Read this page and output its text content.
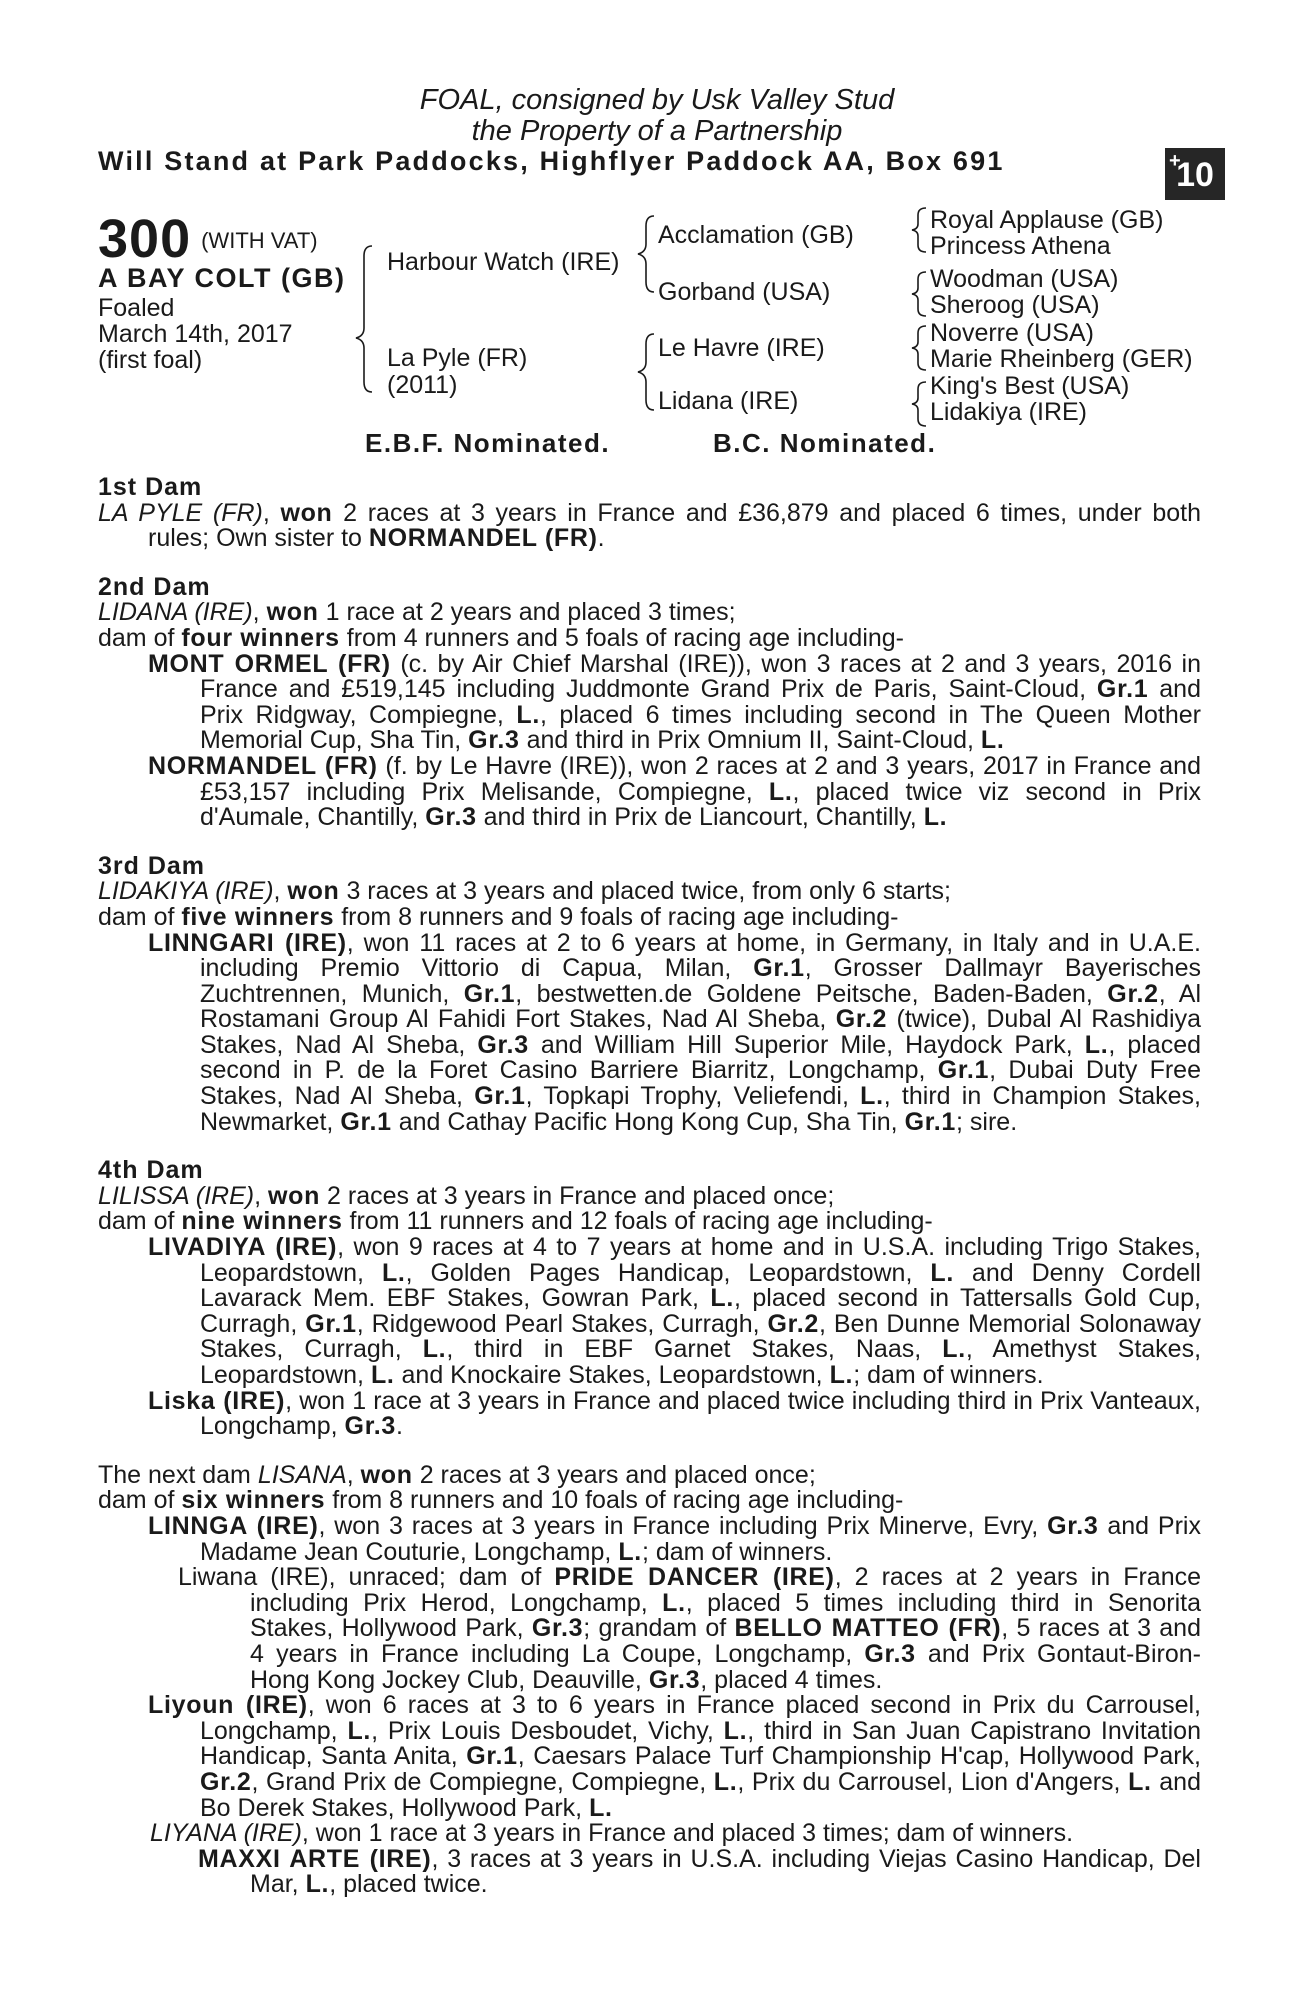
FOAL, consigned by Usk Valley Stud
the Property of a Partnership
Will Stand at Park Paddocks, Highflyer Paddock AA, Box 691	+
10
300 (WITH VAT)
A BAY COLT (GB)
Foaled
March 14th, 2017
(first foal)
Harbour Watch (IRE)
La Pyle (FR)
(2011)
Acclamation (GB)
Gorband (USA)
Le Havre (IRE)
Lidana (IRE)
Royal Applause (GB)
Princess Athena
Woodman (USA)
Sheroog (USA)
Noverre (USA)
Marie Rheinberg (GER)
King's Best (USA)
Lidakiya (IRE)
E.B.F. Nominated.	B.C. Nominated.
1st Dam
LA PYLE (FR), won 2 races at 3 years in France and £36,879 and placed 6 times, under both rules; Own sister to NORMANDEL (FR).
2nd Dam
LIDANA (IRE), won 1 race at 2 years and placed 3 times;
dam of four winners from 4 runners and 5 foals of racing age including-
MONT ORMEL (FR) (c. by Air Chief Marshal (IRE)), won 3 races at 2 and 3 years, 2016 in France and £519,145 including Juddmonte Grand Prix de Paris, Saint-Cloud, Gr.1 and Prix Ridgway, Compiegne, L., placed 6 times including second in The Queen Mother Memorial Cup, Sha Tin, Gr.3 and third in Prix Omnium II, Saint-Cloud, L.
NORMANDEL (FR) (f. by Le Havre (IRE)), won 2 races at 2 and 3 years, 2017 in France and £53,157 including Prix Melisande, Compiegne, L., placed twice viz second in Prix d'Aumale, Chantilly, Gr.3 and third in Prix de Liancourt, Chantilly, L.
3rd Dam
LIDAKIYA (IRE), won 3 races at 3 years and placed twice, from only 6 starts;
dam of five winners from 8 runners and 9 foals of racing age including-
LINNGARI (IRE), won 11 races at 2 to 6 years at home, in Germany, in Italy and in U.A.E. including Premio Vittorio di Capua, Milan, Gr.1, Grosser Dallmayr Bayerisches Zuchtrennen, Munich, Gr.1, bestwetten.de Goldene Peitsche, Baden-Baden, Gr.2, Al Rostamani Group Al Fahidi Fort Stakes, Nad Al Sheba, Gr.2 (twice), Dubal Al Rashidiya Stakes, Nad Al Sheba, Gr.3 and William Hill Superior Mile, Haydock Park, L., placed second in P. de la Foret Casino Barriere Biarritz, Longchamp, Gr.1, Dubai Duty Free Stakes, Nad Al Sheba, Gr.1, Topkapi Trophy, Veliefendi, L., third in Champion Stakes, Newmarket, Gr.1 and Cathay Pacific Hong Kong Cup, Sha Tin, Gr.1; sire.
4th Dam
LILISSA (IRE), won 2 races at 3 years in France and placed once;
dam of nine winners from 11 runners and 12 foals of racing age including-
LIVADIYA (IRE), won 9 races at 4 to 7 years at home and in U.S.A. including Trigo Stakes, Leopardstown, L., Golden Pages Handicap, Leopardstown, L. and Denny Cordell Lavarack Mem. EBF Stakes, Gowran Park, L., placed second in Tattersalls Gold Cup, Curragh, Gr.1, Ridgewood Pearl Stakes, Curragh, Gr.2, Ben Dunne Memorial Solonaway Stakes, Curragh, L., third in EBF Garnet Stakes, Naas, L., Amethyst Stakes, Leopardstown, L. and Knockaire Stakes, Leopardstown, L.; dam of winners.
Liska (IRE), won 1 race at 3 years in France and placed twice including third in Prix Vanteaux, Longchamp, Gr.3.
The next dam LISANA, won 2 races at 3 years and placed once;
dam of six winners from 8 runners and 10 foals of racing age including-
LINNGA (IRE), won 3 races at 3 years in France including Prix Minerve, Evry, Gr.3 and Prix Madame Jean Couturie, Longchamp, L.; dam of winners.
Liwana (IRE), unraced; dam of PRIDE DANCER (IRE), 2 races at 2 years in France including Prix Herod, Longchamp, L., placed 5 times including third in Senorita Stakes, Hollywood Park, Gr.3; grandam of BELLO MATTEO (FR), 5 races at 3 and 4 years in France including La Coupe, Longchamp, Gr.3 and Prix Gontaut-Biron-Hong Kong Jockey Club, Deauville, Gr.3, placed 4 times.
Liyoun (IRE), won 6 races at 3 to 6 years in France placed second in Prix du Carrousel, Longchamp, L., Prix Louis Desboudet, Vichy, L., third in San Juan Capistrano Invitation Handicap, Santa Anita, Gr.1, Caesars Palace Turf Championship H'cap, Hollywood Park, Gr.2, Grand Prix de Compiegne, Compiegne, L., Prix du Carrousel, Lion d'Angers, L. and Bo Derek Stakes, Hollywood Park, L.
LIYANA (IRE), won 1 race at 3 years in France and placed 3 times; dam of winners.
MAXXI ARTE (IRE), 3 races at 3 years in U.S.A. including Viejas Casino Handicap, Del Mar, L., placed twice.
